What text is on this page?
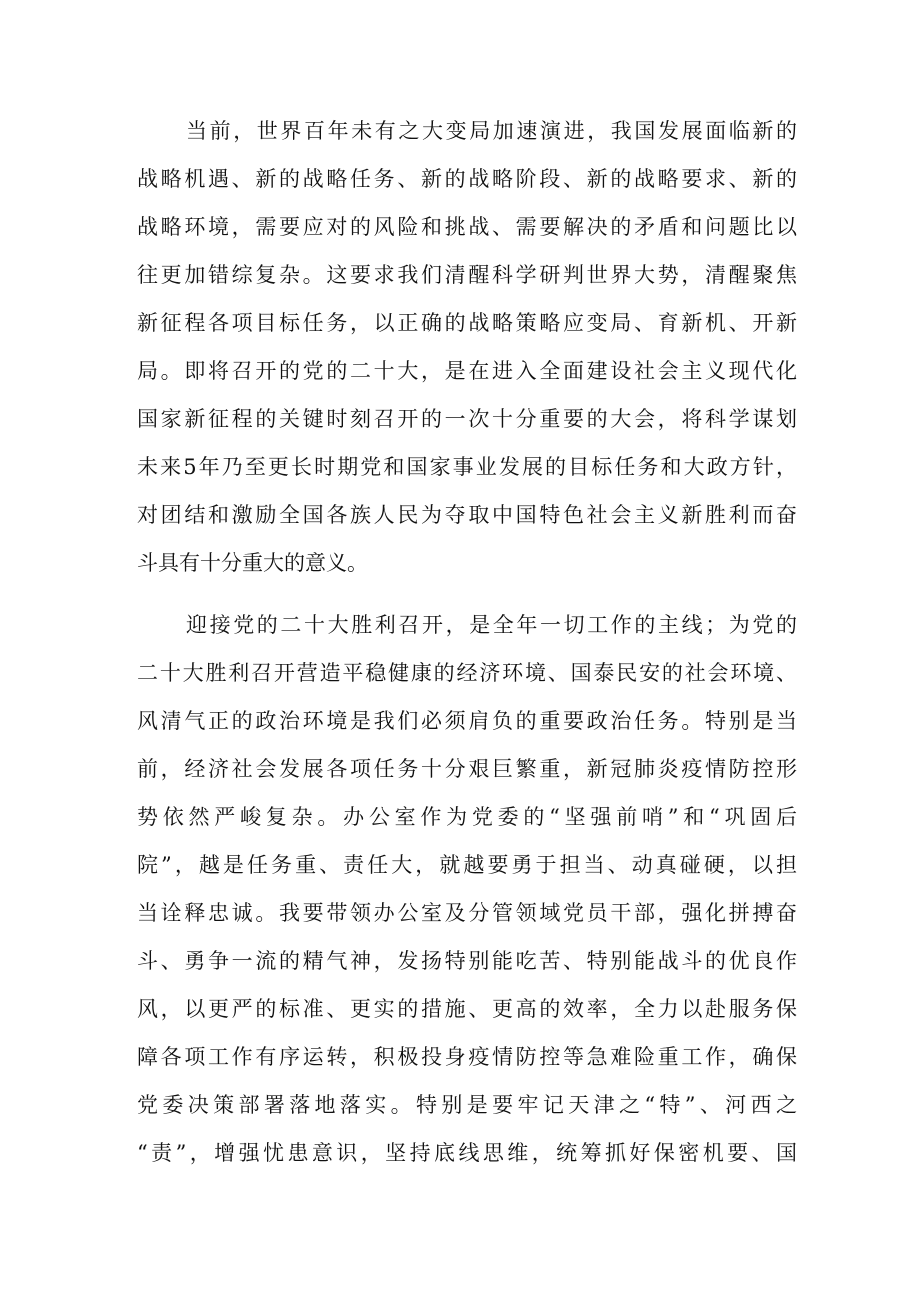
当前，世界百年未有之大变局加速演进，我国发展面临新的
战略机遇、新的战略任务、新的战略阶段、新的战略要求、新的
战略环境，需要应对的风险和挑战、需要解决的矛盾和问题比以
往更加错综复杂。这要求我们清醒科学研判世界大势，清醒聚焦
新征程各项目标任务，以正确的战略策略应变局、育新机、开新
局。即将召开的党的二十大，是在进入全面建设社会主义现代化
国家新征程的关键时刻召开的一次十分重要的大会，将科学谋划
未来5年乃至更长时期党和国家事业发展的目标任务和大政方针，
对团结和激励全国各族人民为夺取中国特色社会主义新胜利而奋
斗具有十分重大的意义。
迎接党的二十大胜利召开，是全年一切工作的主线；为党的
二十大胜利召开营造平稳健康的经济环境、国泰民安的社会环境、
风清气正的政治环境是我们必须肩负的重要政治任务。特别是当
前，经济社会发展各项任务十分艰巨繁重，新冠肺炎疫情防控形
势依然严峻复杂。办公室作为党委的“坚强前哨”和“巩固后
院”，越是任务重、责任大，就越要勇于担当、动真碰硬，以担
当诠释忠诚。我要带领办公室及分管领域党员干部，强化拼搏奋
斗、勇争一流的精气神，发扬特别能吃苦、特别能战斗的优良作
风，以更严的标准、更实的措施、更高的效率，全力以赴服务保
障各项工作有序运转，积极投身疫情防控等急难险重工作，确保
党委决策部署落地落实。特别是要牢记天津之“特”、河西之
“责”，增强忧患意识，坚持底线思维，统筹抓好保密机要、国
